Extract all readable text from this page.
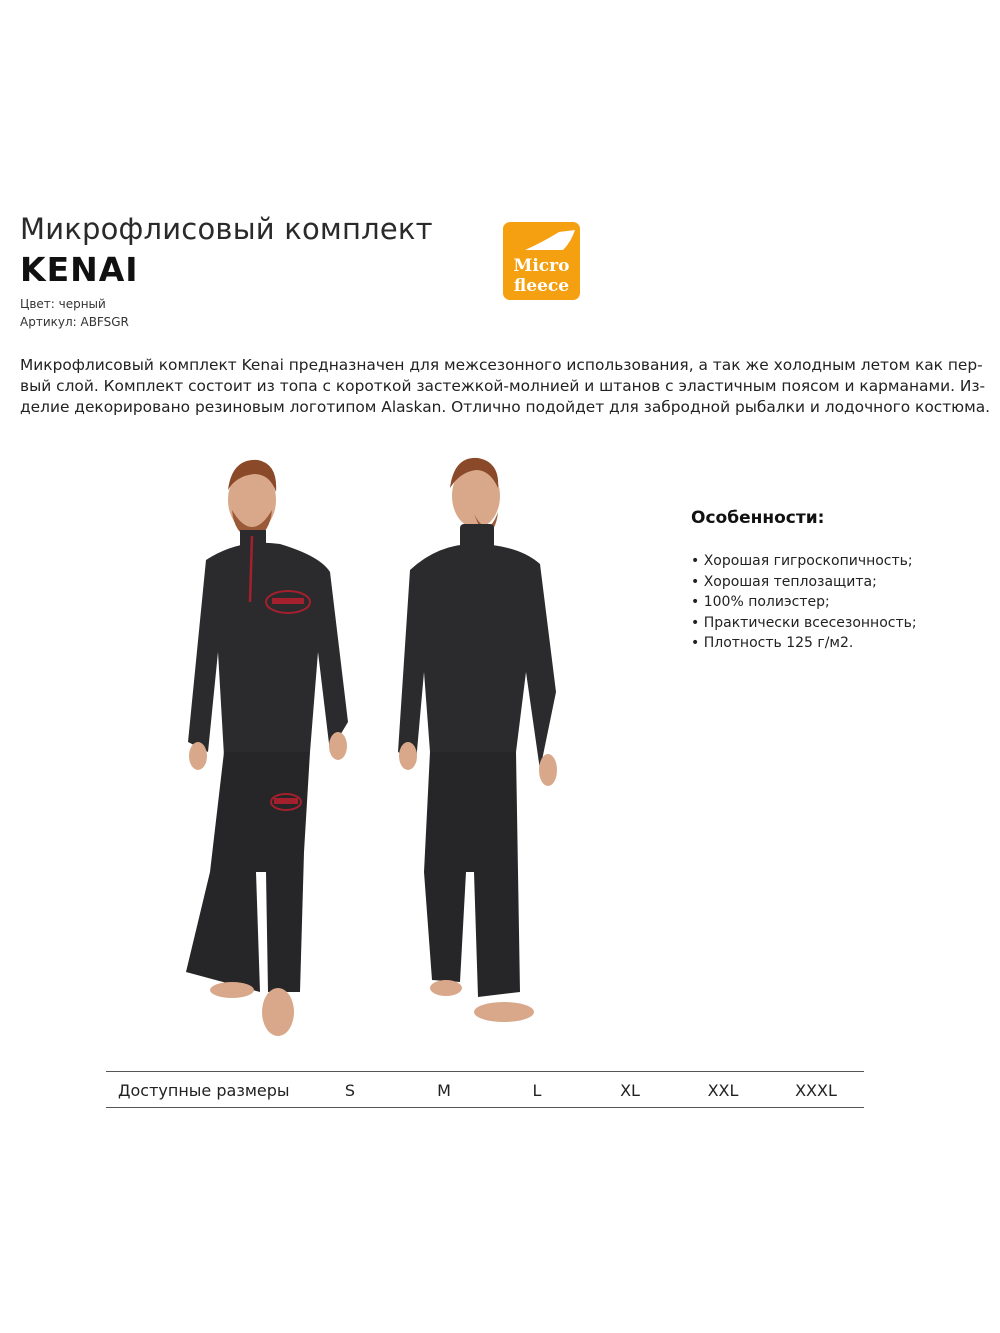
Микрофлисовый комплект
KENAI
Цвет: черный
Артикул: ABFSGR
Micro
fleece
Микрофлисовый комплект Kenai предназначен для межсезонного использования, а так же холодным летом как пер-
вый слой. Комплект состоит из топа с короткой застежкой-молнией и штанов с эластичным поясом и карманами. Из-
делие декорировано резиновым логотипом Alaskan. Отлично подойдет для забродной рыбалки и лодочного костюма.
Особенности:
• Хорошая гигроскопичность;
• Хорошая теплозащита;
• 100% полиэстер;
• Практически всесезонность;
• Плотность 125 г/м2.
Доступные размеры	S	M	L	XL	XXL	XXXL
